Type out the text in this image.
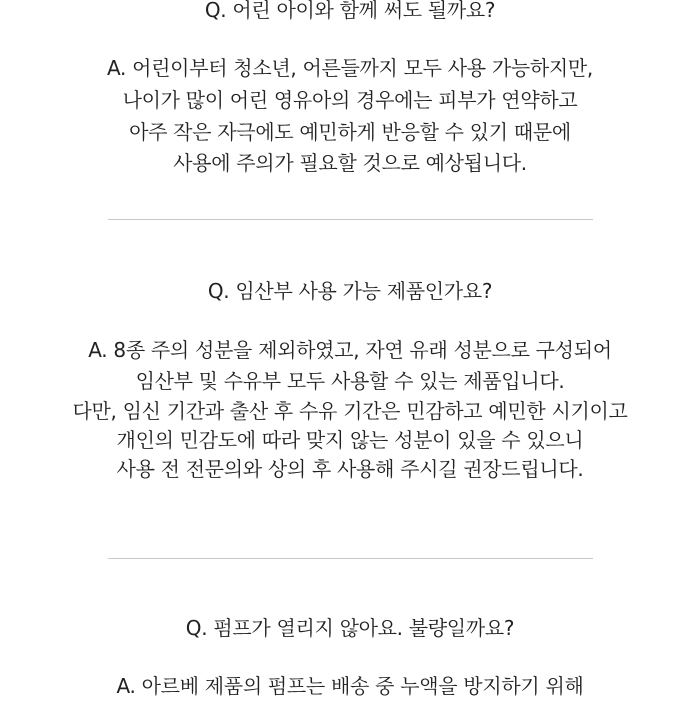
Q. 어린 아이와 함께 써도 될까요?
A. 어린이부터 청소년, 어른들까지 모두 사용 가능하지만,
나이가 많이 어린 영유아의 경우에는 피부가 연약하고
아주 작은 자극에도 예민하게 반응할 수 있기 때문에
사용에 주의가 필요할 것으로 예상됩니다.
Q. 임산부 사용 가능 제품인가요?
A. 8종 주의 성분을 제외하였고, 자연 유래 성분으로 구성되어
임산부 및 수유부 모두 사용할 수 있는 제품입니다.
다만, 임신 기간과 출산 후 수유 기간은 민감하고 예민한 시기이고
개인의 민감도에 따라 맞지 않는 성분이 있을 수 있으니
사용 전 전문의와 상의 후 사용해 주시길 권장드립니다.
Q. 펌프가 열리지 않아요. 불량일까요?
A. 아르베 제품의 펌프는 배송 중 누액을 방지하기 위해
